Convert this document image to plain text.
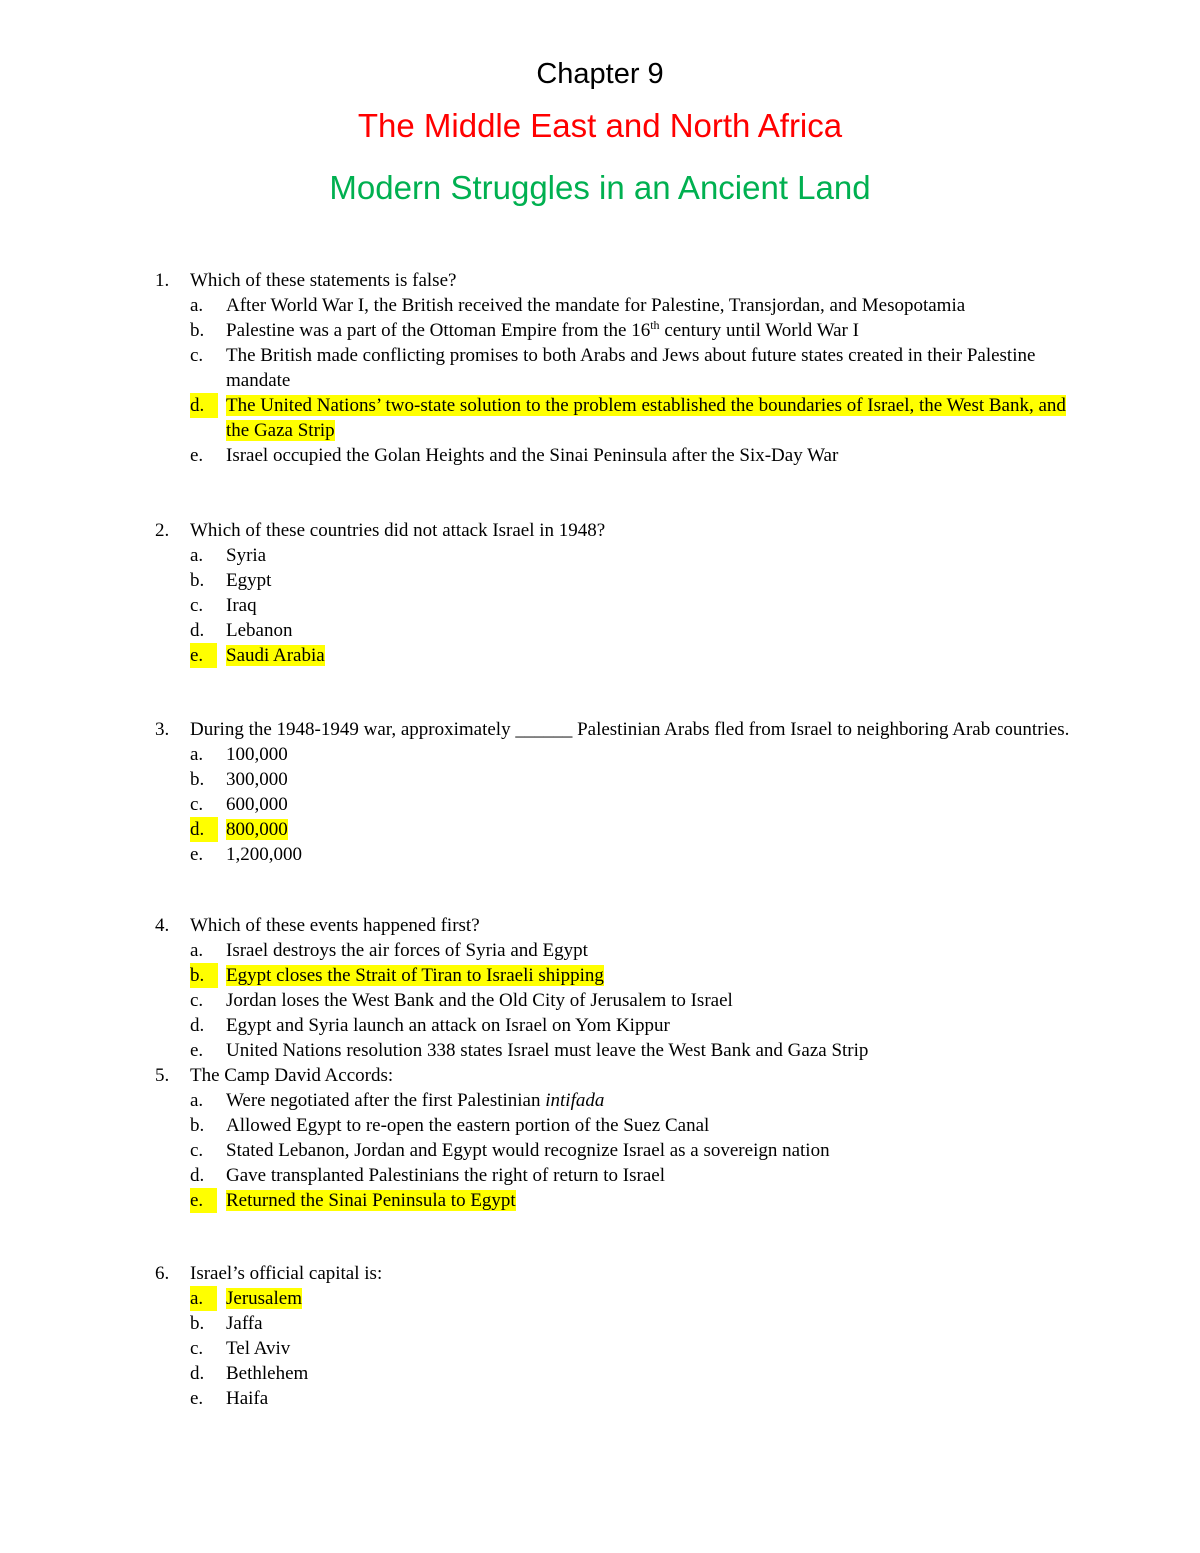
Chapter 9
The Middle East and North Africa
Modern Struggles in an Ancient Land
1. Which of these statements is false?
a. After World War I, the British received the mandate for Palestine, Transjordan, and Mesopotamia
b. Palestine was a part of the Ottoman Empire from the 16th century until World War I
c. The British made conflicting promises to both Arabs and Jews about future states created in their Palestine mandate
d.	The United Nations’ two-state solution to the problem established the boundaries of Israel, the West Bank, and the Gaza Strip
e. Israel occupied the Golan Heights and the Sinai Peninsula after the Six-Day War
2. Which of these countries did not attack Israel in 1948?
a. Syria
b. Egypt
c. Iraq
d. Lebanon
e.	Saudi Arabia
3. During the 1948-1949 war, approximately ______ Palestinian Arabs fled from Israel to neighboring Arab countries.
a. 100,000
b. 300,000
c. 600,000
d.	800,000
e. 1,200,000
4. Which of these events happened first?
a. Israel destroys the air forces of Syria and Egypt
b.	Egypt closes the Strait of Tiran to Israeli shipping
c. Jordan loses the West Bank and the Old City of Jerusalem to Israel
d. Egypt and Syria launch an attack on Israel on Yom Kippur
e. United Nations resolution 338 states Israel must leave the West Bank and Gaza Strip
5. The Camp David Accords:
a. Were negotiated after the first Palestinian intifada
b. Allowed Egypt to re-open the eastern portion of the Suez Canal
c. Stated Lebanon, Jordan and Egypt would recognize Israel as a sovereign nation
d. Gave transplanted Palestinians the right of return to Israel
e.	Returned the Sinai Peninsula to Egypt
6. Israel’s official capital is:
a.	Jerusalem
b. Jaffa
c. Tel Aviv
d. Bethlehem
e. Haifa
